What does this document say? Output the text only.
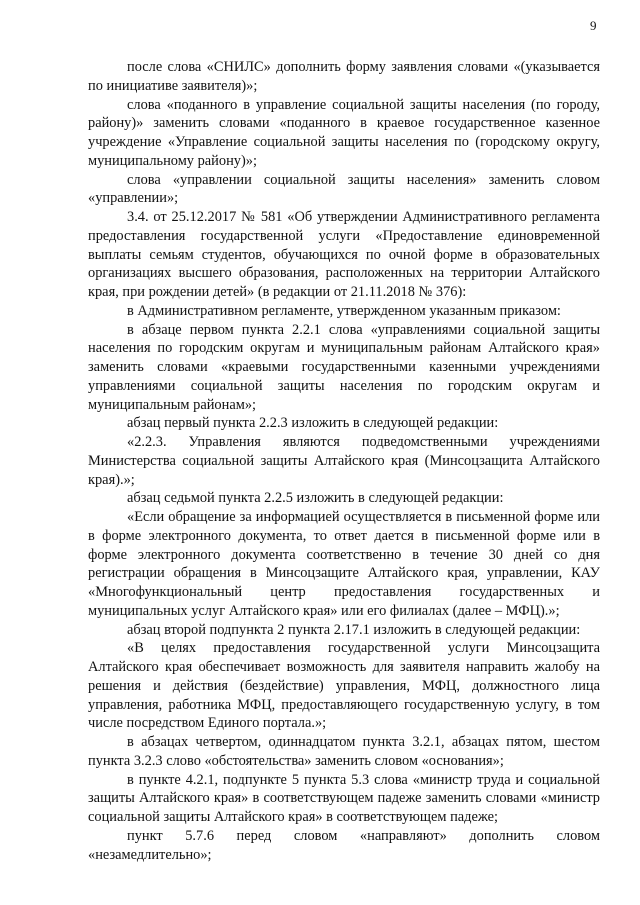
9

после слова «СНИЛС» дополнить форму заявления словами «(указывается по инициативе заявителя)»;

слова «поданного в управление социальной защиты населения (по городу, району)» заменить словами «поданного в краевое государственное казенное учреждение «Управление социальной защиты населения по (городскому округу, муниципальному району)»;

слова «управлении социальной защиты населения» заменить словом «управлении»;

3.4. от 25.12.2017 № 581 «Об утверждении Административного регламента предоставления государственной услуги «Предоставление единовременной выплаты семьям студентов, обучающихся по очной форме в образовательных организациях высшего образования, расположенных на территории Алтайского края, при рождении детей» (в редакции от 21.11.2018 № 376):

в Административном регламенте, утвержденном указанным приказом:

в абзаце первом пункта 2.2.1 слова «управлениями социальной защиты населения по городским округам и муниципальным районам Алтайского края» заменить словами «краевыми государственными казенными учреждениями управлениями социальной защиты населения по городским округам и муниципальным районам»;

абзац первый пункта 2.2.3 изложить в следующей редакции:

«2.2.3. Управления являются подведомственными учреждениями Министерства социальной защиты Алтайского края (Минсоцзащита Алтайского края).»;

абзац седьмой пункта 2.2.5 изложить в следующей редакции:

«Если обращение за информацией осуществляется в письменной форме или в форме электронного документа, то ответ дается в письменной форме или в форме электронного документа соответственно в течение 30 дней со дня регистрации обращения в Минсоцзащите Алтайского края, управлении, КАУ «Многофункциональный центр предоставления государственных и муниципальных услуг Алтайского края» или его филиалах (далее – МФЦ).»;

абзац второй подпункта 2 пункта 2.17.1 изложить в следующей редакции:

«В целях предоставления государственной услуги Минсоцзащита Алтайского края обеспечивает возможность для заявителя направить жалобу на решения и действия (бездействие) управления, МФЦ, должностного лица управления, работника МФЦ, предоставляющего государственную услугу, в том числе посредством Единого портала.»;

в абзацах четвертом, одиннадцатом пункта 3.2.1, абзацах пятом, шестом пункта 3.2.3 слово «обстоятельства» заменить словом «основания»;

в пункте 4.2.1, подпункте 5 пункта 5.3 слова «министр труда и социальной защиты Алтайского края» в соответствующем падеже заменить словами «министр социальной защиты Алтайского края» в соответствующем падеже;

пункт 5.7.6 перед словом «направляют» дополнить словом «незамедлительно»;
